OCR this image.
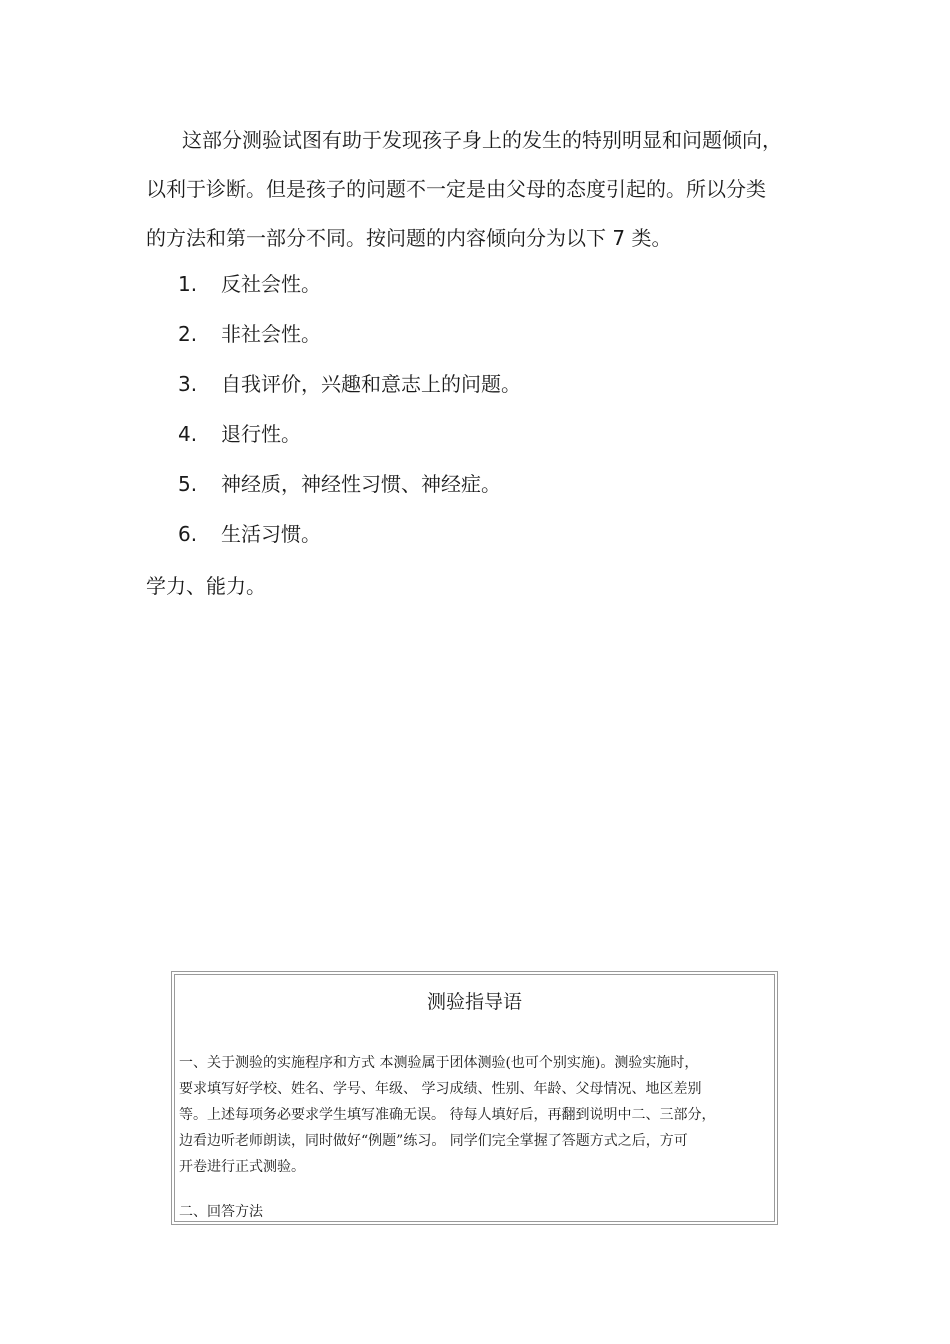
这部分测验试图有助于发现孩子身上的发生的特别明显和问题倾向，
以利于诊断。但是孩子的问题不一定是由父母的态度引起的。所以分类
的方法和第一部分不同。按问题的内容倾向分为以下 7 类。

1. 反社会性。
2. 非社会性。
3. 自我评价，兴趣和意志上的问题。
4. 退行性。
5. 神经质，神经性习惯、神经症。
6. 生活习惯。

学力、能力。

测验指导语

一、关于测验的实施程序和方式 本测验属于团体测验(也可个别实施)。测验实施时，
要求填写好学校、姓名、学号、年级、 学习成绩、性别、年龄、父母情况、地区差别
等。上述每项务必要求学生填写准确无误。 待每人填好后，再翻到说明中二、三部分，
边看边听老师朗读，同时做好“例题”练习。 同学们完全掌握了答题方式之后，方可
开卷进行正式测验。

二、回答方法
